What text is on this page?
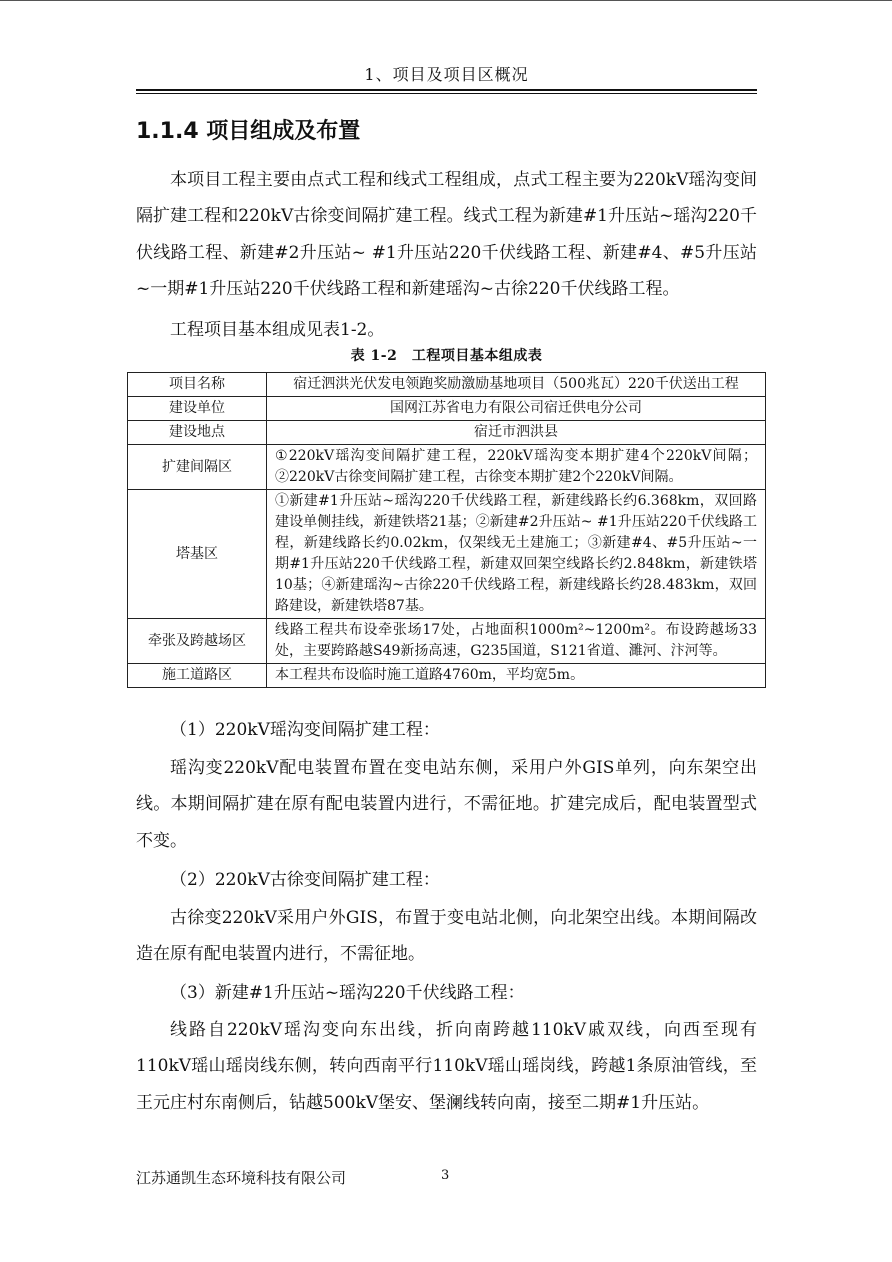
1、项目及项目区概况
1.1.4 项目组成及布置

本项目工程主要由点式工程和线式工程组成，点式工程主要为220kV瑶沟变间隔扩建工程和220kV古徐变间隔扩建工程。线式工程为新建#1升压站~瑶沟220千伏线路工程、新建#2升压站~ #1升压站220千伏线路工程、新建#4、#5升压站~一期#1升压站220千伏线路工程和新建瑶沟~古徐220千伏线路工程。

工程项目基本组成见表1-2。

表 1-2　工程项目基本组成表
项目名称	宿迁泗洪光伏发电领跑奖励激励基地项目（500兆瓦）220千伏送出工程
建设单位	国网江苏省电力有限公司宿迁供电分公司
建设地点	宿迁市泗洪县
扩建间隔区	①220kV瑶沟变间隔扩建工程，220kV瑶沟变本期扩建4个220kV间隔；②220kV古徐变间隔扩建工程，古徐变本期扩建2个220kV间隔。
塔基区	①新建#1升压站~瑶沟220千伏线路工程，新建线路长约6.368km，双回路建设单侧挂线，新建铁塔21基；②新建#2升压站~ #1升压站220千伏线路工程，新建线路长约0.02km，仅架线无土建施工；③新建#4、#5升压站~一期#1升压站220千伏线路工程，新建双回架空线路长约2.848km，新建铁塔10基；④新建瑶沟~古徐220千伏线路工程，新建线路长约28.483km，双回路建设，新建铁塔87基。
牵张及跨越场区	线路工程共布设牵张场17处，占地面积1000m²~1200m²。布设跨越场33处，主要跨路越S49新扬高速，G235国道，S121省道、濉河、汴河等。
施工道路区	本工程共布设临时施工道路4760m，平均宽5m。
（1）220kV瑶沟变间隔扩建工程：

瑶沟变220kV配电装置布置在变电站东侧，采用户外GIS单列，向东架空出线。本期间隔扩建在原有配电装置内进行，不需征地。扩建完成后，配电装置型式不变。

（2）220kV古徐变间隔扩建工程：

古徐变220kV采用户外GIS，布置于变电站北侧，向北架空出线。本期间隔改造在原有配电装置内进行，不需征地。

（3）新建#1升压站~瑶沟220千伏线路工程：

线路自220kV瑶沟变向东出线，折向南跨越110kV戚双线，向西至现有110kV瑶山瑶岗线东侧，转向西南平行110kV瑶山瑶岗线，跨越1条原油管线，至王元庄村东南侧后，钻越500kV堡安、堡澜线转向南，接至二期#1升压站。

江苏通凯生态环境科技有限公司	3
